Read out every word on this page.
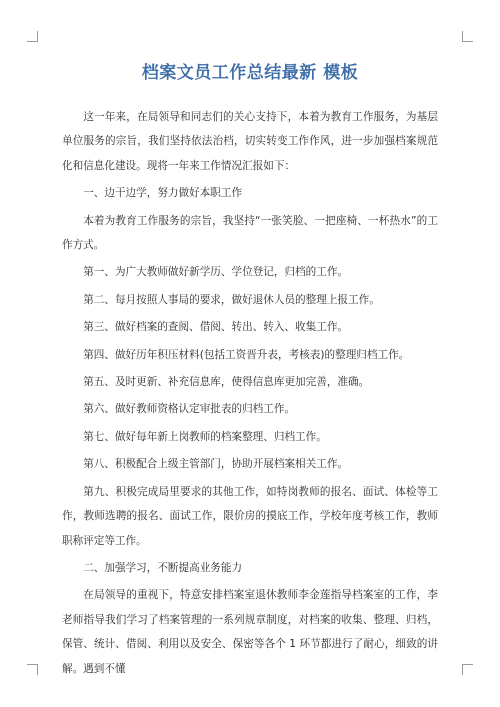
档案文员工作总结最新 模板

这一年来，在局领导和同志们的关心支持下，本着为教育工作服务，为基层单位服务的宗旨，我们坚持依法治档，切实转变工作作风，进一步加强档案规范化和信息化建设。现将一年来工作情况汇报如下：

一、边干边学，努力做好本职工作

本着为教育工作服务的宗旨，我坚持“一张笑脸、一把座椅、一杯热水”的工作方式。

第一、为广大教师做好新学历、学位登记，归档的工作。

第二、每月按照人事局的要求，做好退休人员的整理上报工作。

第三、做好档案的查阅、借阅、转出、转入、收集工作。

第四、做好历年积压材料(包括工资晋升表，考核表)的整理归档工作。

第五、及时更新、补充信息库，使得信息库更加完善，准确。

第六、做好教师资格认定审批表的归档工作。

第七、做好每年新上岗教师的档案整理、归档工作。

第八、积极配合上级主管部门，协助开展档案相关工作。

第九、积极完成局里要求的其他工作，如特岗教师的报名、面试、体检等工作，教师选聘的报名、面试工作，限价房的摸底工作，学校年度考核工作，教师职称评定等工作。

二、加强学习，不断提高业务能力

在局领导的重视下，特意安排档案室退休教师李金莲指导档案室的工作，李老师指导我们学习了档案管理的一系列规章制度，对档案的收集、整理、归档，保管、统计、借阅、利用以及安全、保密等各个 1 环节都进行了耐心，细致的讲解。遇到不懂
